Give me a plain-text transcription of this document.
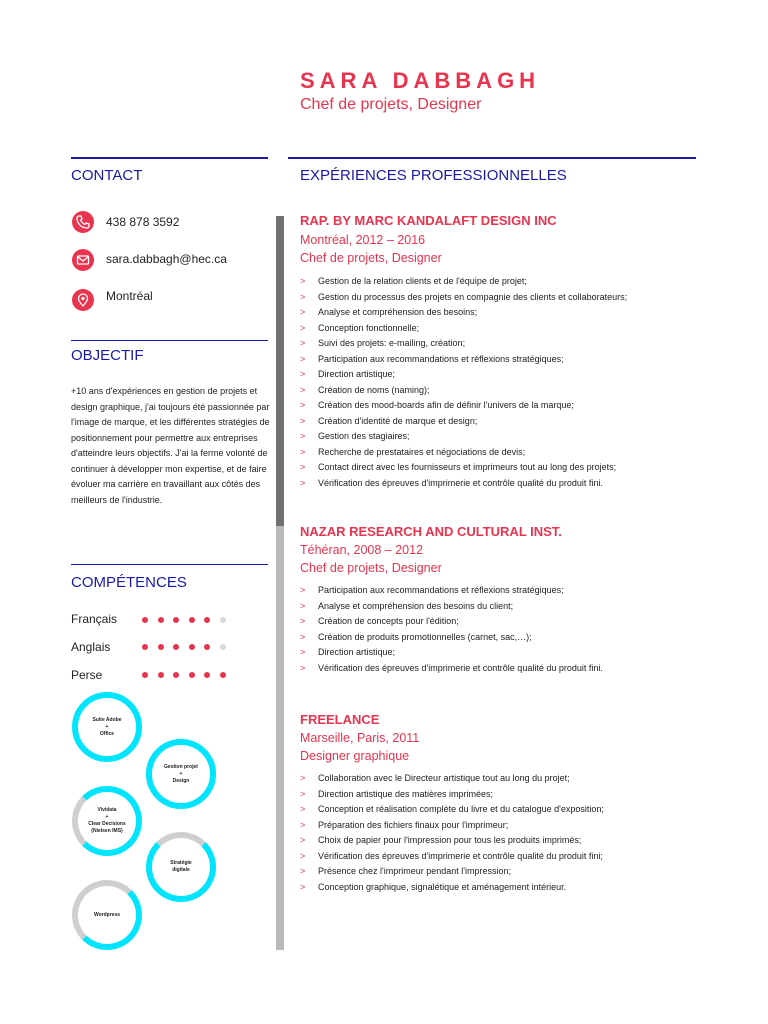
SARA DABBAGH
Chef de projets, Designer
CONTACT
438 878 3592
sara.dabbagh@hec.ca
Montréal
OBJECTIF
+10 ans d'expériences en gestion de projets et design graphique, j'ai toujours été passionnée par l'image de marque, et les différentes stratégies de positionnement pour permettre aux entreprises d'atteindre leurs objectifs. J'ai la ferme volonté de continuer à développer mon expertise, et de faire évoluer ma carrière en travaillant aux côtés des meilleurs de l'industrie.
COMPÉTENCES
Français
Anglais
Perse
Suite Adobe
+
Office
Gestion projet
+
Design
Vividata
+
Clear Decisions
(Nielsen IMS)
Stratégie
digitale
Wordpress
EXPÉRIENCES PROFESSIONNELLES
RAP. BY MARC KANDALAFT DESIGN INC
Montréal, 2012 – 2016
Chef de projets, Designer
> Gestion de la relation clients et de l'équipe de projet;
> Gestion du processus des projets en compagnie des clients et collaborateurs;
> Analyse et compréhension des besoins;
> Conception fonctionnelle;
> Suivi des projets: e-mailing, création;
> Participation aux recommandations et réflexions stratégiques;
> Direction artistique;
> Création de noms (naming);
> Création des mood-boards afin de définir l'univers de la marque;
> Création d'identité de marque et design;
> Gestion des stagiaires;
> Recherche de prestataires et négociations de devis;
> Contact direct avec les fournisseurs et imprimeurs tout au long des projets;
> Vérification des épreuves d'imprimerie et contrôle qualité du produit fini.
NAZAR RESEARCH AND CULTURAL INST.
Téhéran, 2008 – 2012
Chef de projets, Designer
> Participation aux recommandations et réflexions stratégiques;
> Analyse et compréhension des besoins du client;
> Création de concepts pour l'édition;
> Création de produits promotionnelles (carnet, sac,…);
> Direction artistique;
> Vérification des épreuves d'imprimerie et contrôle qualité du produit fini.
FREELANCE
Marseille, Paris, 2011
Designer graphique
> Collaboration avec le Directeur artistique tout au long du projet;
> Direction artistique des matières imprimées;
> Conception et réalisation complète du livre et du catalogue d'exposition;
> Préparation des fichiers finaux pour l'imprimeur;
> Choix de papier pour l'impression pour tous les produits imprimés;
> Vérification des épreuves d'imprimerie et contrôle qualité du produit fini;
> Présence chez l'imprimeur pendant l'impression;
> Conception graphique, signalétique et aménagement intérieur.
